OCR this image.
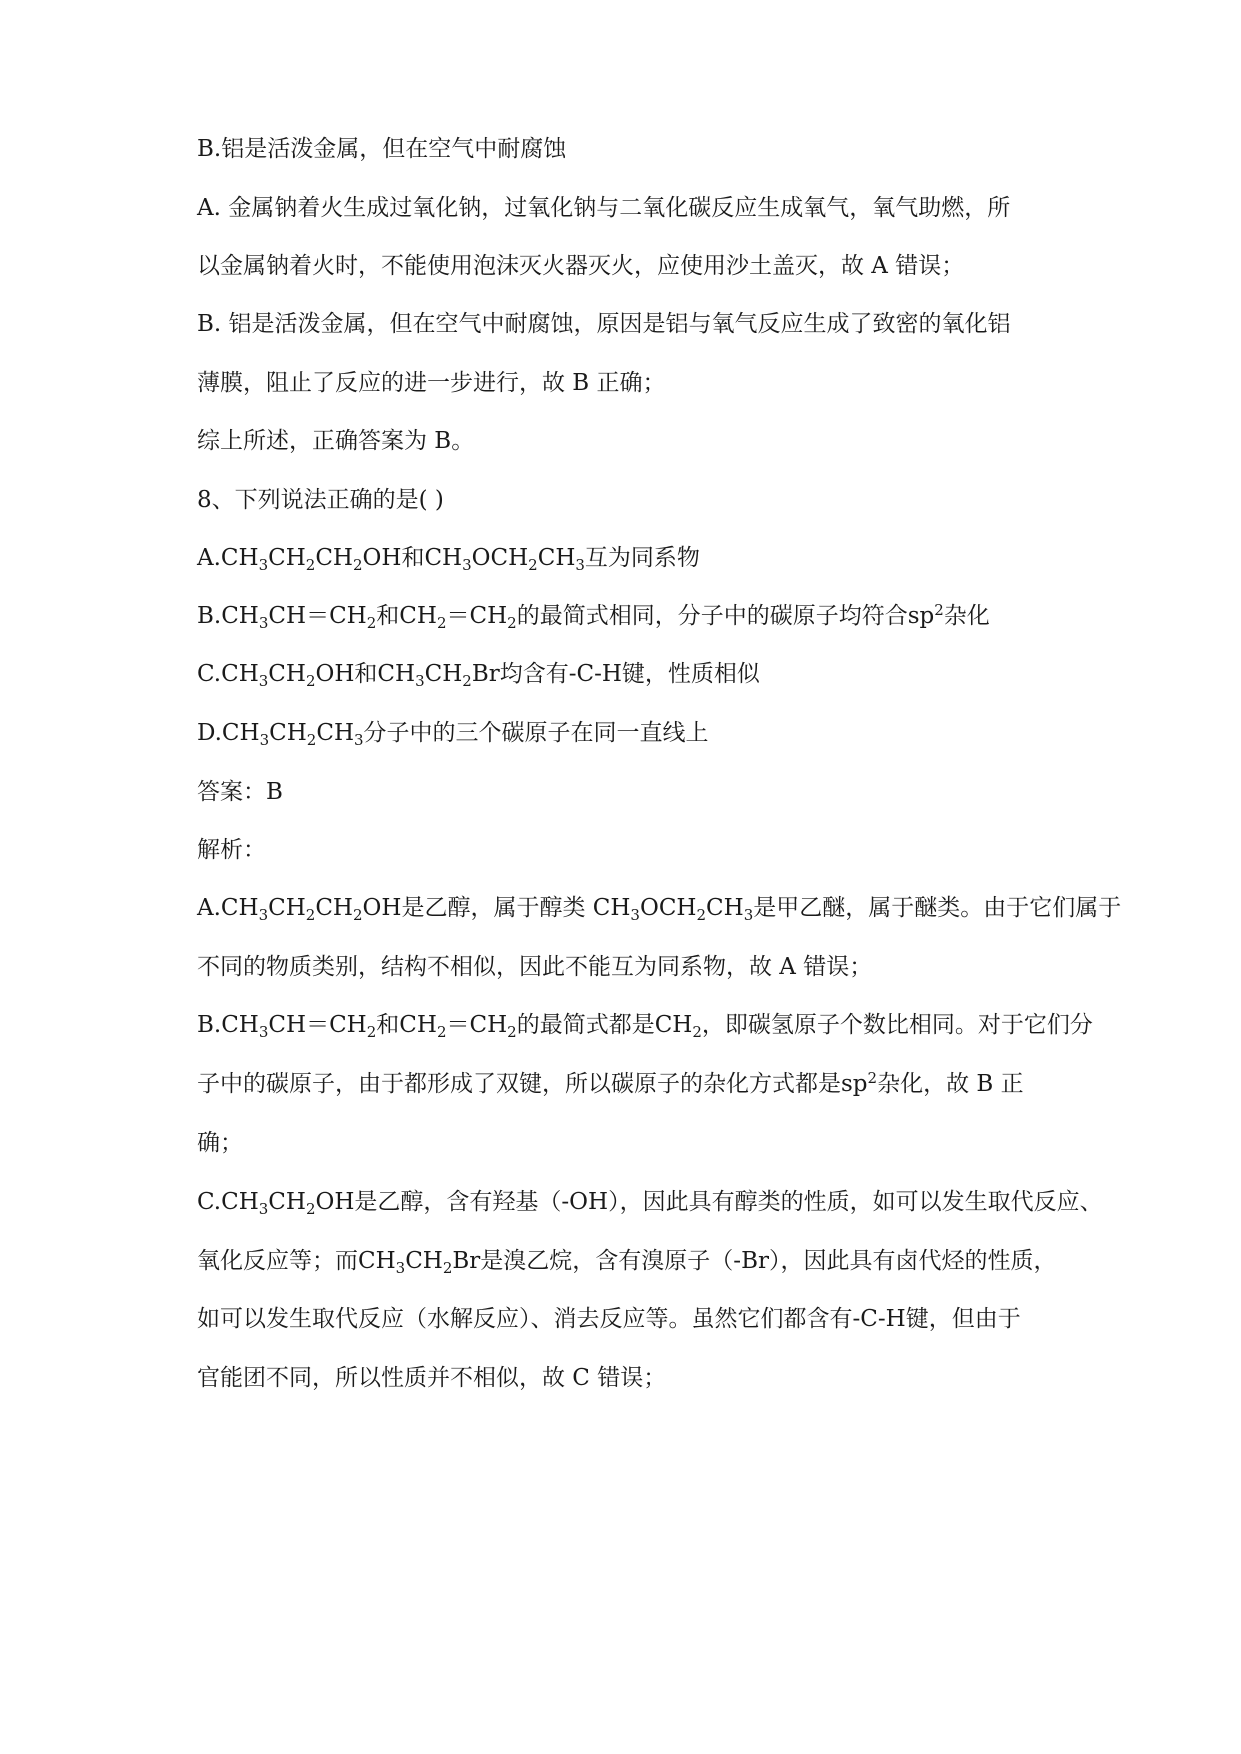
B.铝是活泼金属，但在空气中耐腐蚀
A. 金属钠着火生成过氧化钠，过氧化钠与二氧化碳反应生成氧气，氧气助燃，所
以金属钠着火时，不能使用泡沫灭火器灭火，应使用沙土盖灭，故 A 错误；
B. 铝是活泼金属，但在空气中耐腐蚀，原因是铝与氧气反应生成了致密的氧化铝
薄膜，阻止了反应的进一步进行，故 B 正确；
综上所述，正确答案为 B。
8、下列说法正确的是( )
$A.CH_3CH_2CH_2OH$和$CH_3OCH_2CH_3$互为同系物
$B.CH_3CH=CH_2$和$CH_2=CH_2$的最简式相同，分子中的碳原子均符合$sp^2$杂化
$C.CH_3CH_2OH$和$CH_3CH_2Br$均含有-C-H键，性质相似
$D.CH_3CH_2CH_3$分子中的三个碳原子在同一直线上
答案：B
解析：
$A.CH_3CH_2CH_2OH$是乙醇，属于醇类 $CH_3OCH_2CH_3$是甲乙醚，属于醚类。由于它们属于
不同的物质类别，结构不相似，因此不能互为同系物，故 A 错误；
$B.CH_3CH=CH_2$和$CH_2=CH_2$的最简式都是$CH_2$，即碳氢原子个数比相同。对于它们分
子中的碳原子，由于都形成了双键，所以碳原子的杂化方式都是$sp^2$杂化，故 B 正
确；
$C.CH_3CH_2OH$是乙醇，含有羟基（-OH），因此具有醇类的性质，如可以发生取代反应、
氧化反应等；而$CH_3CH_2Br$是溴乙烷，含有溴原子（-Br），因此具有卤代烃的性质，
如可以发生取代反应（水解反应）、消去反应等。虽然它们都含有-C-H键，但由于
官能团不同，所以性质并不相似，故 C 错误；
